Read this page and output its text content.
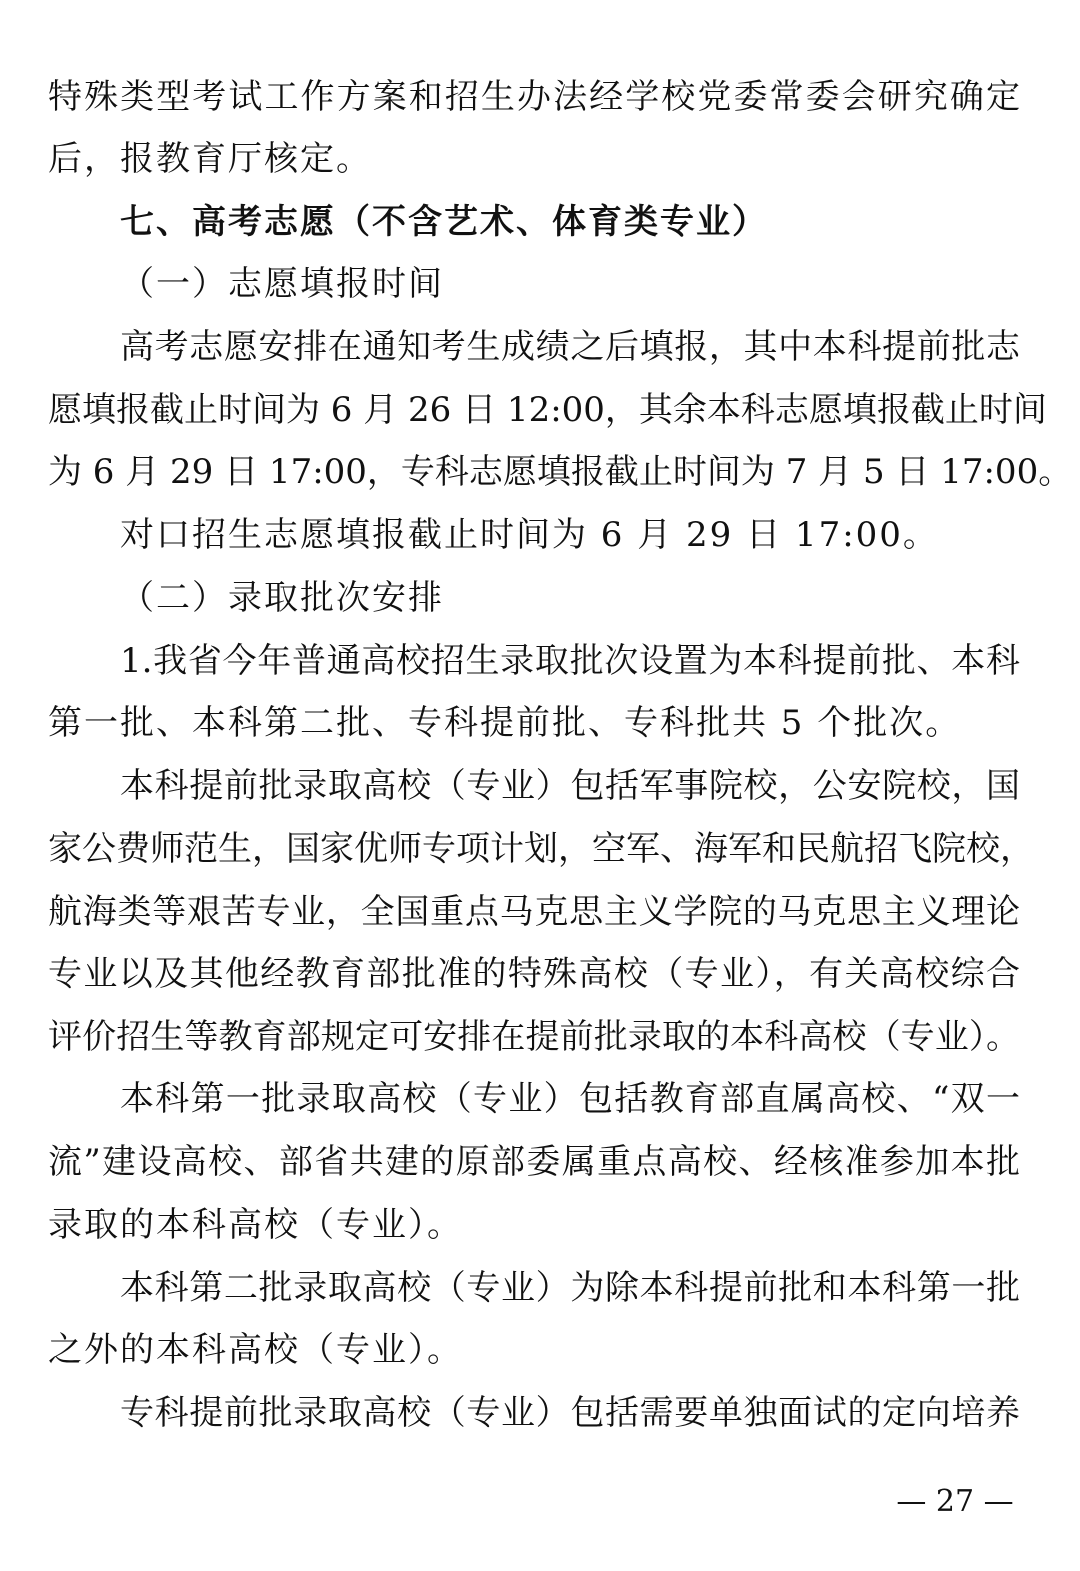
特殊类型考试工作方案和招生办法经学校党委常委会研究确定
后，报教育厅核定。
七、高考志愿（不含艺术、体育类专业）
（一）志愿填报时间
高考志愿安排在通知考生成绩之后填报，其中本科提前批志
愿填报截止时间为 6 月 26 日 12:00，其余本科志愿填报截止时间
为 6 月 29 日 17:00，专科志愿填报截止时间为 7 月 5 日 17:00。
对口招生志愿填报截止时间为 6 月 29 日 17:00。
（二）录取批次安排
1.我省今年普通高校招生录取批次设置为本科提前批、本科
第一批、本科第二批、专科提前批、专科批共 5 个批次。
本科提前批录取高校（专业）包括军事院校，公安院校，国
家公费师范生，国家优师专项计划，空军、海军和民航招飞院校，
航海类等艰苦专业，全国重点马克思主义学院的马克思主义理论
专业以及其他经教育部批准的特殊高校（专业），有关高校综合
评价招生等教育部规定可安排在提前批录取的本科高校（专业）。
本科第一批录取高校（专业）包括教育部直属高校、“双一
流”建设高校、部省共建的原部委属重点高校、经核准参加本批
录取的本科高校（专业）。
本科第二批录取高校（专业）为除本科提前批和本科第一批
之外的本科高校（专业）。
专科提前批录取高校（专业）包括需要单独面试的定向培养
— 27 —
